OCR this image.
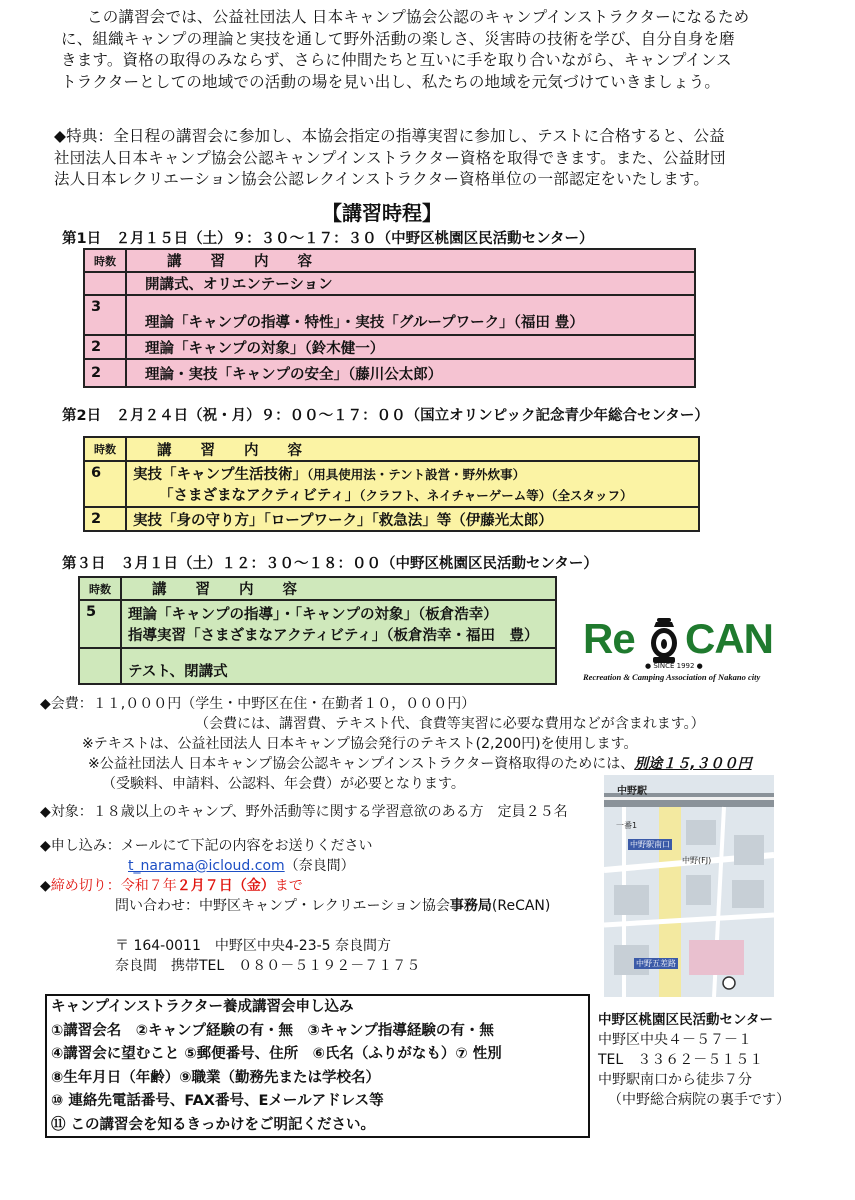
この講習会では、公益社団法人 日本キャンプ協会公認のキャンプインストラクターになるため
に、組織キャンプの理論と実技を通して野外活動の楽しさ、災害時の技術を学び、自分自身を磨
きます。資格の取得のみならず、さらに仲間たちと互いに手を取り合いながら、キャンプインス
トラクターとしての地域での活動の場を見い出し、私たちの地域を元気づけていきましょう。
◆特典：全日程の講習会に参加し、本協会指定の指導実習に参加し、テストに合格すると、公益
社団法人日本キャンプ協会公認キャンプインストラクター資格を取得できます。また、公益財団
法人日本レクリエーション協会公認レクインストラクター資格単位の一部認定をいたします。
【講習時程】
第1日　２月１５日（土）９：３０～１７：３０（中野区桃園区民活動センター）
時数	講　　習　　内　　容
	開講式、オリエンテーション
3	理論「キャンプの指導・特性」・実技「グループワーク」（福田 豊）
2	理論「キャンプの対象」（鈴木健一）
2	理論・実技「キャンプの安全」（藤川公太郎）
第2日　２月２４日（祝・月）９：００～１７：００（国立オリンピック記念青少年総合センター）
時数	講　　習　　内　　容
6	実技「キャンプ生活技術」（用具使用法・テント設営・野外炊事）
「さまざまなアクティビティ」（クラフト、ネイチャーゲーム等）（全スタッフ）

2	実技「身の守り方」「ロープワーク」「救急法」等（伊藤光太郎）
第３日　３月１日（土）１２：３０～１８：００（中野区桃園区民活動センター）
時数	講　　習　　内　　容
5	理論「キャンプの指導」・「キャンプの対象」（板倉浩幸）
指導実習「さまざまなアクティビティ」（板倉浩幸・福田　豊）

	テスト、閉講式
Re CAN
● SINCE 1992 ●
Recreation & Camping Association of Nakano city
◆会費：１１,０００円（学生・中野区在住・在勤者１０，０００円）
（会費には、講習費、テキスト代、食費等実習に必要な費用などが含まれます。）
※テキストは、公益社団法人 日本キャンプ協会発行のテキスト(2,200円)を使用します。
※公益社団法人 日本キャンプ協会公認キャンプインストラクター資格取得のためには、別途１５,３００円
（受験料、申請料、公認料、年会費）が必要となります。
◆対象：１８歳以上のキャンプ、野外活動等に関する学習意欲のある方　定員２５名
◆申し込み：メールにて下記の内容をお送りください
t_narama@icloud.com（奈良間）
◆締め切り：令和７年２月７日（金）まで
問い合わせ：中野区キャンプ・レクリエーション協会事務局(ReCAN)
〒 164-0011　中野区中央4-23-5 奈良間方
奈良間　携帯TEL　０８０－５１９２－７１７５
キャンプインストラクター養成講習会申し込み
①講習会名　②キャンプ経験の有・無　③キャンプ指導経験の有・無
④講習会に望むこと ⑤郵便番号、住所　⑥氏名（ふりがなも）⑦ 性別
⑧生年月日（年齢）⑨職業（勤務先または学校名）
⑩ 連絡先電話番号、FAX番号、Eメールアドレス等
⑪ この講習会を知るきっかけをご明記ください。
中野駅
一番1
中野駅南口
中野(FJ)
中野五差路
中野区桃園区民活動センター
中野区中央４－５７－１
TEL　３３６２－５１５１
中野駅南口から徒歩７分
（中野総合病院の裏手です）
